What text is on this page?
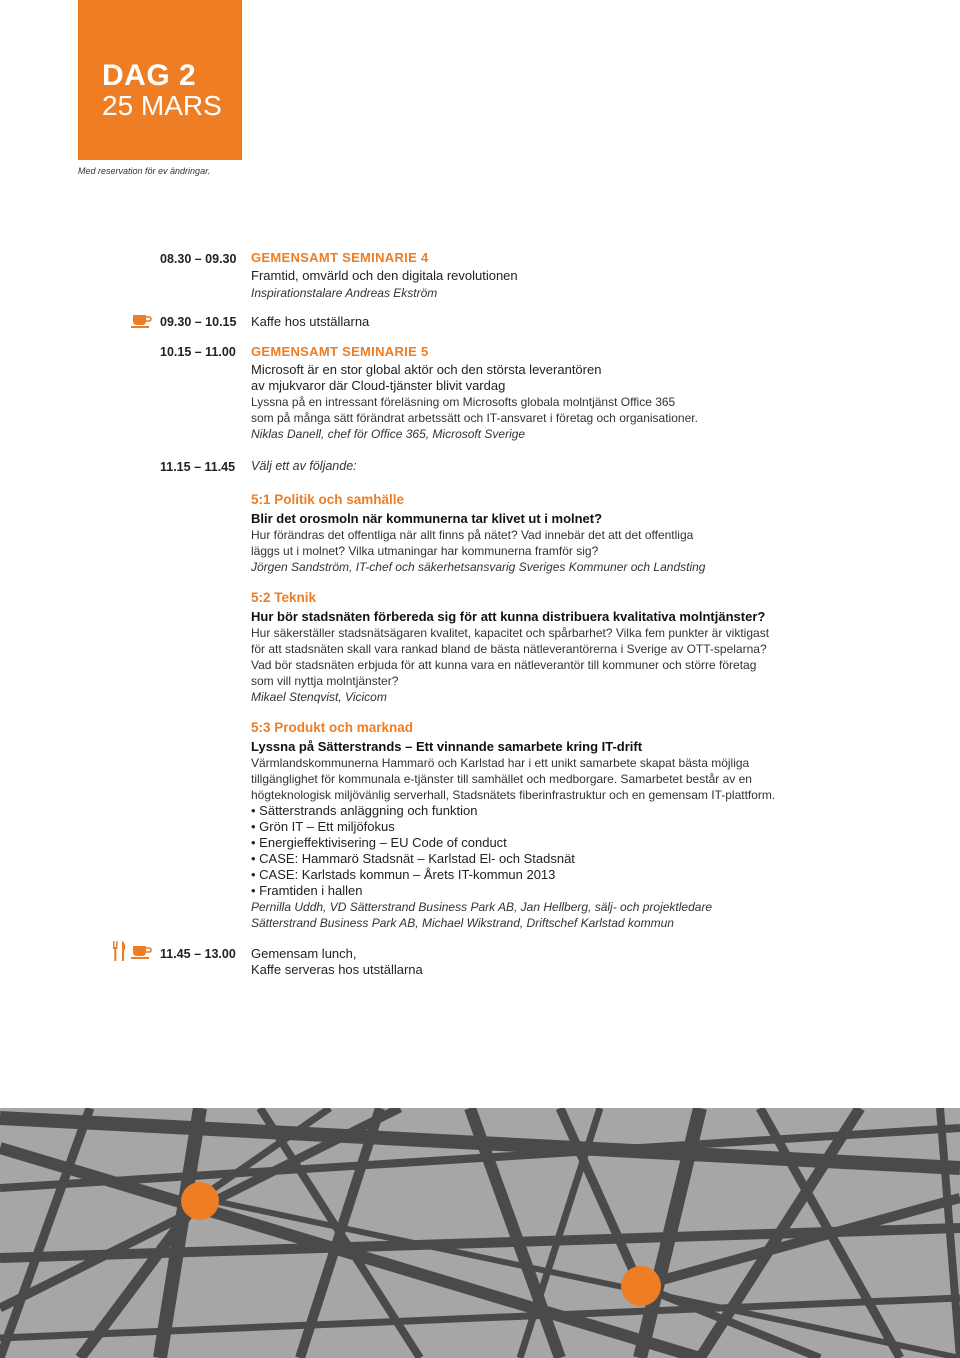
DAG 2
25 MARS
Med reservation för ev ändringar.
08.30 – 09.30 GEMENSAMT SEMINARIE 4
Framtid, omvärld och den digitala revolutionen
Inspirationstalare Andreas Ekström
09.30 – 10.15 Kaffe hos utställarna
10.15 – 11.00 GEMENSAMT SEMINARIE 5
Microsoft är en stor global aktör och den största leverantören
av mjukvaror där Cloud-tjänster blivit vardag
Lyssna på en intressant föreläsning om Microsofts globala molntjänst Office 365
som på många sätt förändrat arbetssätt och IT-ansvaret i företag och organisationer.
Niklas Danell, chef för Office 365, Microsoft Sverige
11.15 – 11.45 Välj ett av följande:
5:1 Politik och samhälle
Blir det orosmoln när kommunerna tar klivet ut i molnet?
Hur förändras det offentliga när allt finns på nätet? Vad innebär det att det offentliga
läggs ut i molnet? Vilka utmaningar har kommunerna framför sig?
Jörgen Sandström, IT-chef och säkerhetsansvarig Sveriges Kommuner och Landsting
5:2 Teknik
Hur bör stadsnäten förbereda sig för att kunna distribuera kvalitativa molntjänster?
Hur säkerställer stadsnätsägaren kvalitet, kapacitet och spårbarhet? Vilka fem punkter är viktigast
för att stadsnäten skall vara rankad bland de bästa nätleverantörerna i Sverige av OTT-spelarna?
Vad bör stadsnäten erbjuda för att kunna vara en nätleverantör till kommuner och större företag
som vill nyttja molntjänster?
Mikael Stenqvist, Vicicom
5:3 Produkt och marknad
Lyssna på Sätterstrands – Ett vinnande samarbete kring IT-drift
Värmlandskommunerna Hammarö och Karlstad har i ett unikt samarbete skapat bästa möjliga
tillgänglighet för kommunala e-tjänster till samhället och medborgare. Samarbetet består av en
högteknologisk miljövänlig serverhall, Stadsnätets fiberinfrastruktur och en gemensam IT-plattform.
• Sätterstrands anläggning och funktion
• Grön IT – Ett miljöfokus
• Energieffektivisering – EU Code of conduct
• CASE: Hammarö Stadsnät – Karlstad El- och Stadsnät
• CASE: Karlstads kommun – Årets IT-kommun 2013
• Framtiden i hallen
Pernilla Uddh, VD Sätterstrand Business Park AB, Jan Hellberg, sälj- och projektledare
Sätterstrand Business Park AB, Michael Wikstrand, Driftschef Karlstad kommun
11.45 – 13.00 Gemensam lunch,
Kaffe serveras hos utställarna
